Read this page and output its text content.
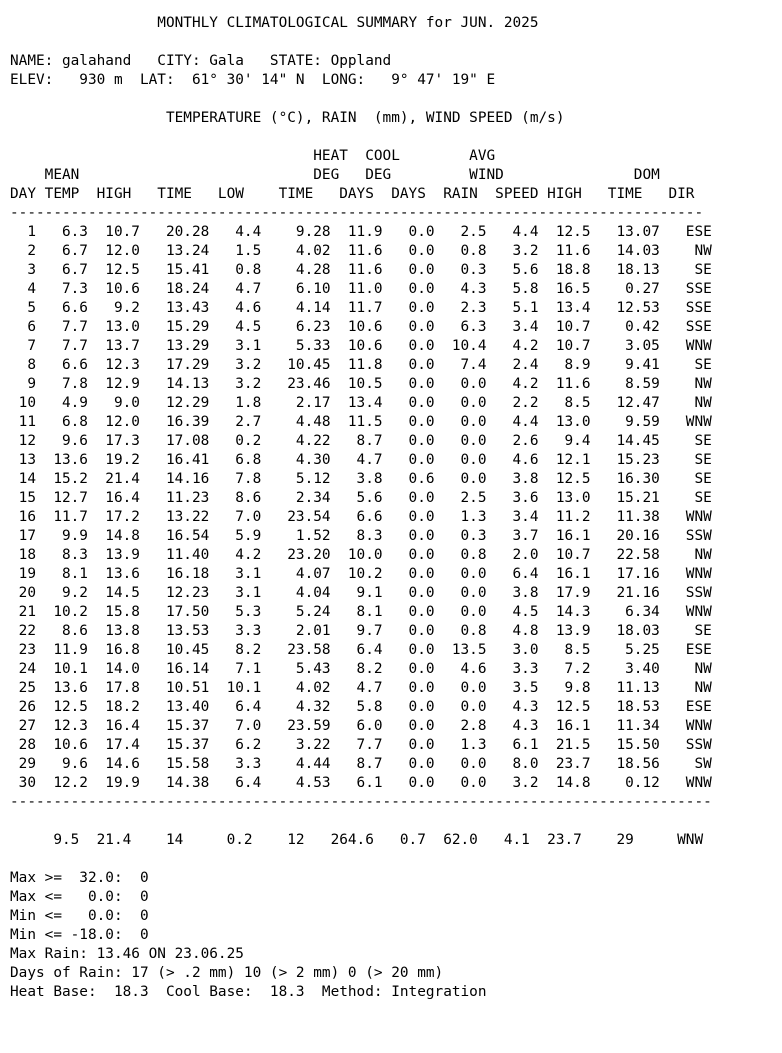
MONTHLY CLIMATOLOGICAL SUMMARY for JUN. 2025

NAME: galahand   CITY: Gala   STATE: Oppland
ELEV:   930 m  LAT:  61° 30' 14" N  LONG:   9° 47' 19" E

TEMPERATURE (°C), RAIN  (mm), WIND SPEED (m/s)

HEAT  COOL        AVG
MEAN                           DEG   DEG         WIND               DOM
DAY TEMP  HIGH   TIME   LOW    TIME   DAYS  DAYS  RAIN  SPEED HIGH   TIME   DIR
--------------------------------------------------------------------------------
1   6.3  10.7   20.28   4.4    9.28  11.9   0.0   2.5   4.4  12.5   13.07   ESE
2   6.7  12.0   13.24   1.5    4.02  11.6   0.0   0.8   3.2  11.6   14.03    NW
3   6.7  12.5   15.41   0.8    4.28  11.6   0.0   0.3   5.6  18.8   18.13    SE
4   7.3  10.6   18.24   4.7    6.10  11.0   0.0   4.3   5.8  16.5    0.27   SSE
5   6.6   9.2   13.43   4.6    4.14  11.7   0.0   2.3   5.1  13.4   12.53   SSE
6   7.7  13.0   15.29   4.5    6.23  10.6   0.0   6.3   3.4  10.7    0.42   SSE
7   7.7  13.7   13.29   3.1    5.33  10.6   0.0  10.4   4.2  10.7    3.05   WNW
8   6.6  12.3   17.29   3.2   10.45  11.8   0.0   7.4   2.4   8.9    9.41    SE
9   7.8  12.9   14.13   3.2   23.46  10.5   0.0   0.0   4.2  11.6    8.59    NW
10   4.9   9.0   12.29   1.8    2.17  13.4   0.0   0.0   2.2   8.5   12.47    NW
11   6.8  12.0   16.39   2.7    4.48  11.5   0.0   0.0   4.4  13.0    9.59   WNW
12   9.6  17.3   17.08   0.2    4.22   8.7   0.0   0.0   2.6   9.4   14.45    SE
13  13.6  19.2   16.41   6.8    4.30   4.7   0.0   0.0   4.6  12.1   15.23    SE
14  15.2  21.4   14.16   7.8    5.12   3.8   0.6   0.0   3.8  12.5   16.30    SE
15  12.7  16.4   11.23   8.6    2.34   5.6   0.0   2.5   3.6  13.0   15.21    SE
16  11.7  17.2   13.22   7.0   23.54   6.6   0.0   1.3   3.4  11.2   11.38   WNW
17   9.9  14.8   16.54   5.9    1.52   8.3   0.0   0.3   3.7  16.1   20.16   SSW
18   8.3  13.9   11.40   4.2   23.20  10.0   0.0   0.8   2.0  10.7   22.58    NW
19   8.1  13.6   16.18   3.1    4.07  10.2   0.0   0.0   6.4  16.1   17.16   WNW
20   9.2  14.5   12.23   3.1    4.04   9.1   0.0   0.0   3.8  17.9   21.16   SSW
21  10.2  15.8   17.50   5.3    5.24   8.1   0.0   0.0   4.5  14.3    6.34   WNW
22   8.6  13.8   13.53   3.3    2.01   9.7   0.0   0.8   4.8  13.9   18.03    SE
23  11.9  16.8   10.45   8.2   23.58   6.4   0.0  13.5   3.0   8.5    5.25   ESE
24  10.1  14.0   16.14   7.1    5.43   8.2   0.0   4.6   3.3   7.2    3.40    NW
25  13.6  17.8   10.51  10.1    4.02   4.7   0.0   0.0   3.5   9.8   11.13    NW
26  12.5  18.2   13.40   6.4    4.32   5.8   0.0   0.0   4.3  12.5   18.53   ESE
27  12.3  16.4   15.37   7.0   23.59   6.0   0.0   2.8   4.3  16.1   11.34   WNW
28  10.6  17.4   15.37   6.2    3.22   7.7   0.0   1.3   6.1  21.5   15.50   SSW
29   9.6  14.6   15.58   3.3    4.44   8.7   0.0   0.0   8.0  23.7   18.56    SW
30  12.2  19.9   14.38   6.4    4.53   6.1   0.0   0.0   3.2  14.8    0.12   WNW
---------------------------------------------------------------------------------

9.5  21.4    14     0.2    12   264.6   0.7  62.0   4.1  23.7    29     WNW

Max >=  32.0:  0
Max <=   0.0:  0
Min <=   0.0:  0
Min <= -18.0:  0
Max Rain: 13.46 ON 23.06.25
Days of Rain: 17 (> .2 mm) 10 (> 2 mm) 0 (> 20 mm)
Heat Base:  18.3  Cool Base:  18.3  Method: Integration
